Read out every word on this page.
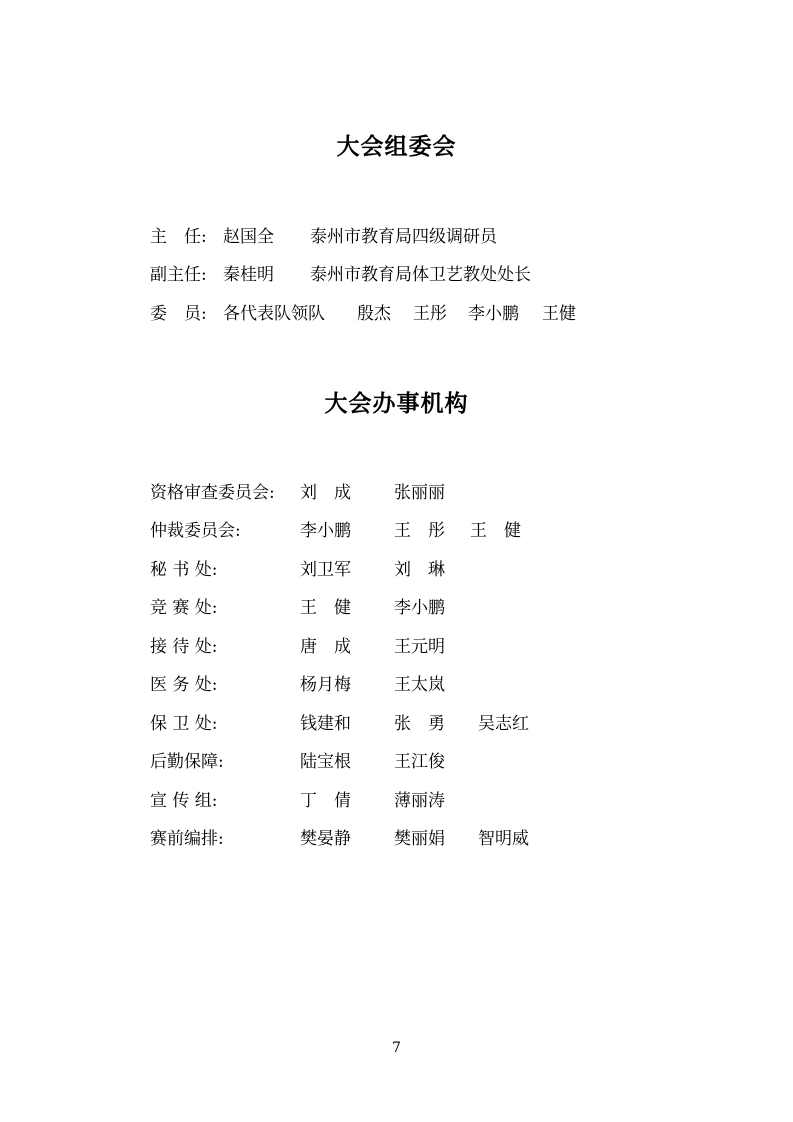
大会组委会
主　任: 赵国全 泰州市教育局四级调研员
副主任: 秦桂明 泰州市教育局体卫艺教处处长
委　员: 各代表队领队 殷杰 王彤 李小鹏 王健
大会办事机构
资格审查委员会: 刘　成	张丽丽
仲裁委员会:	李小鹏	王　彤 王　健
秘 书 处:	刘卫军	刘　琳
竞 赛 处:	王　健	李小鹏
接 待 处:	唐　成	王元明
医 务 处:	杨月梅	王太岚
保 卫 处:	钱建和	张　勇 吴志红
后勤保障:	陆宝根	王江俊
宣 传 组:	丁　倩	薄丽涛
赛前编排:	樊晏静	樊丽娟 智明威
7
